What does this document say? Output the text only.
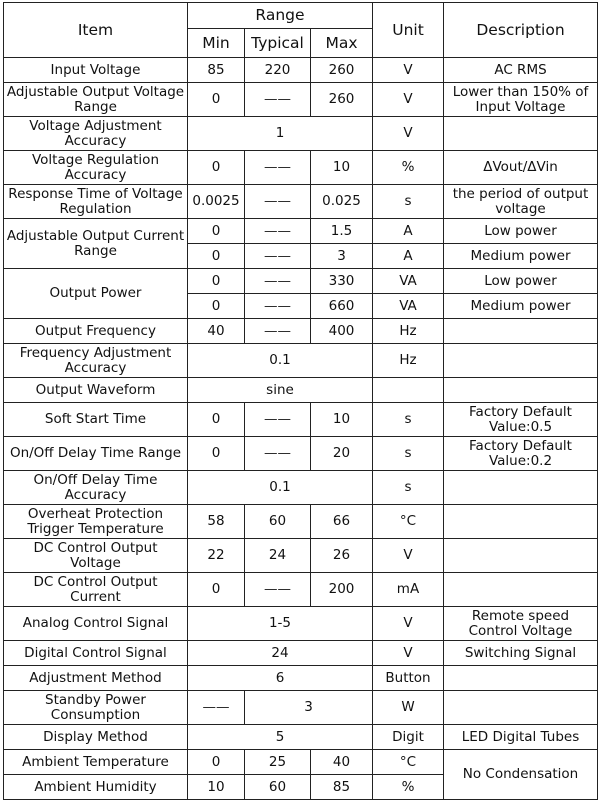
Item	Range			Unit	Description
	Min	Typical	Max		
Input Voltage	85	220	260	V	AC RMS
Adjustable Output Voltage Range	0	——	260	V	Lower than 150% of Input Voltage
Voltage Adjustment Accuracy	1			V	
Voltage Regulation Accuracy	0	——	10	%	ΔVout/ΔVin
Response Time of Voltage Regulation	0.0025	——	0.025	s	the period of output voltage
Adjustable Output Current Range	0	——	1.5	A	Low power
	0	——	3	A	Medium power
Output Power	0	——	330	VA	Low power
	0	——	660	VA	Medium power
Output Frequency	40	——	400	Hz	
Frequency Adjustment Accuracy	0.1			Hz	
Output Waveform	sine				
Soft Start Time	0	——	10	s	Factory Default Value:0.5
On/Off Delay Time Range	0	——	20	s	Factory Default Value:0.2
On/Off Delay Time Accuracy	0.1			s	
Overheat Protection Trigger Temperature	58	60	66	°C	
DC Control Output Voltage	22	24	26	V	
DC Control Output Current	0	——	200	mA	
Analog Control Signal	1-5			V	Remote speed Control Voltage
Digital Control Signal	24			V	Switching Signal
Adjustment Method	6			Button	
Standby Power Consumption	——	3		W	
Display Method	5			Digit	LED Digital Tubes
Ambient Temperature	0	25	40	°C	No Condensation
Ambient Humidity	10	60	85	%	
